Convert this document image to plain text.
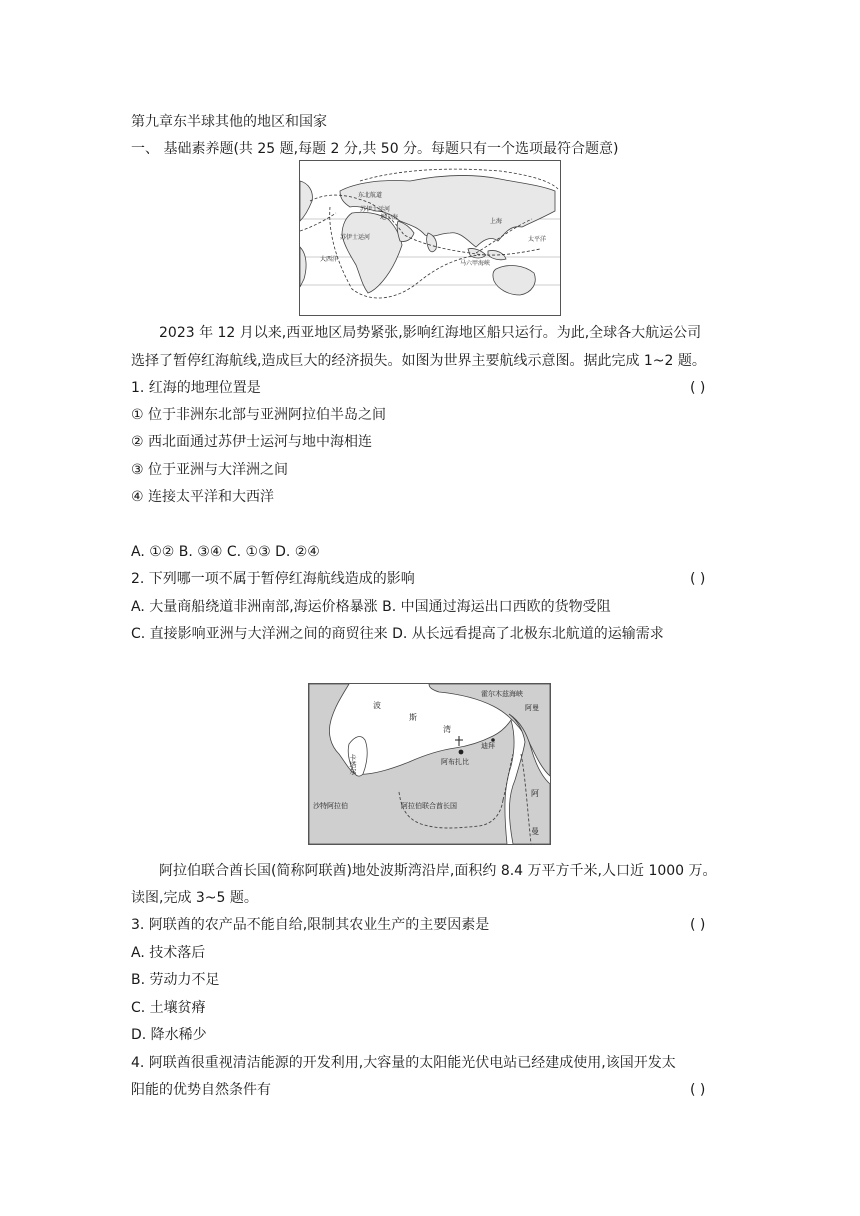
第九章东半球其他的地区和国家
一、 基础素养题(共 25 题,每题 2 分,共 50 分。每题只有一个选项最符合题意)
东北航道
苏伊士运河
上海
地中海
苏伊士运河
马六甲海峡
大西洋
太平洋
2023 年 12 月以来,西亚地区局势紧张,影响红海地区船只运行。为此,全球各大航运公司
选择了暂停红海航线,造成巨大的经济损失。如图为世界主要航线示意图。据此完成 1~2 题。
1. 红海的地理位置是	( )
① 位于非洲东北部与亚洲阿拉伯半岛之间
② 西北面通过苏伊士运河与地中海相连
③ 位于亚洲与大洋洲之间
④ 连接太平洋和大西洋
A. ①② B. ③④ C. ①③ D. ②④
2. 下列哪一项不属于暂停红海航线造成的影响	( )
A. 大量商船绕道非洲南部,海运价格暴涨 B. 中国通过海运出口西欧的货物受阻
C. 直接影响亚洲与大洋洲之间的商贸往来 D. 从长远看提高了北极东北航道的运输需求
霍尔木兹海峡
阿曼
波
斯
湾
卡塔尔
迪拜
阿布扎比
沙特阿拉伯	阿拉伯联合酋长国
阿
曼
阿拉伯联合酋长国(简称阿联酋)地处波斯湾沿岸,面积约 8.4 万平方千米,人口近 1000 万。
读图,完成 3~5 题。
3. 阿联酋的农产品不能自给,限制其农业生产的主要因素是	( )
A. 技术落后
B. 劳动力不足
C. 土壤贫瘠
D. 降水稀少
4. 阿联酋很重视清洁能源的开发利用,大容量的太阳能光伏电站已经建成使用,该国开发太
阳能的优势自然条件有	( )
